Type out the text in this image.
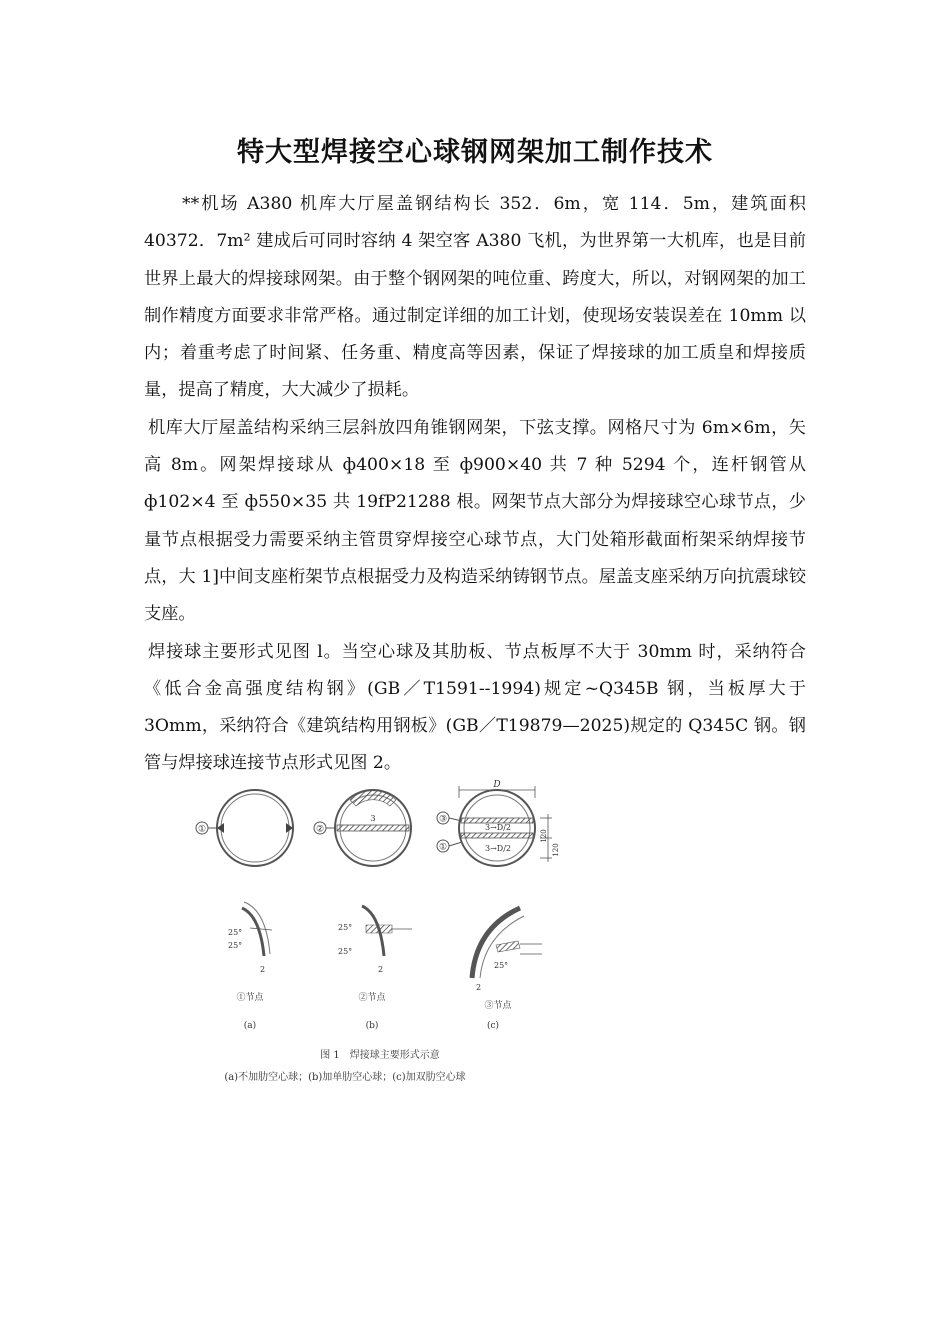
特大型焊接空心球钢网架加工制作技术

**机场 A380 机库大厅屋盖钢结构长 352．6m，宽 114．5m，建筑面积 40372．7m² 建成后可同时容纳 4 架空客 A380 飞机，为世界第一大机库，也是目前世界上最大的焊接球网架。由于整个钢网架的吨位重、跨度大，所以，对钢网架的加工制作精度方面要求非常严格。通过制定详细的加工计划，使现场安装误差在 10mm 以内；着重考虑了时间紧、任务重、精度高等因素，保证了焊接球的加工质皇和焊接质量，提高了精度，大大减少了损耗。

机库大厅屋盖结构采纳三层斜放四角锥钢网架，下弦支撑。网格尺寸为 6m×6m，矢高 8m。网架焊接球从 ф400×18 至 ф900×40 共 7 种 5294 个，连杆钢管从 ф102×4 至 ф550×35 共 19fP21288 根。网架节点大部分为焊接球空心球节点，少量节点根据受力需要采纳主管贯穿焊接空心球节点，大门处箱形截面桁架采纳焊接节点，大 1]中间支座桁架节点根据受力及构造采纳铸钢节点。屋盖支座采纳万向抗震球铰支座。

焊接球主要形式见图 l。当空心球及其肋板、节点板厚不大于 30mm 时，采纳符合《低合金高强度结构钢》(GB／T1591--1994)规定~Q345B 钢，当板厚大于 3Omm，采纳符合《建筑结构用钢板》(GB／T19879—2025)规定的 Q345C 钢。钢管与焊接球连接节点形式见图 2。

①
3
②	3→D/2
3→D/2
D
120
120
③
①
25°
25°
2
25°
25°
2	25°
2
①节点	②节点
③节点
(a)	(b)	(c)
图 1　焊接球主要形式示意
(a)不加肋空心球；(b)加单肋空心球；(c)加双肋空心球
